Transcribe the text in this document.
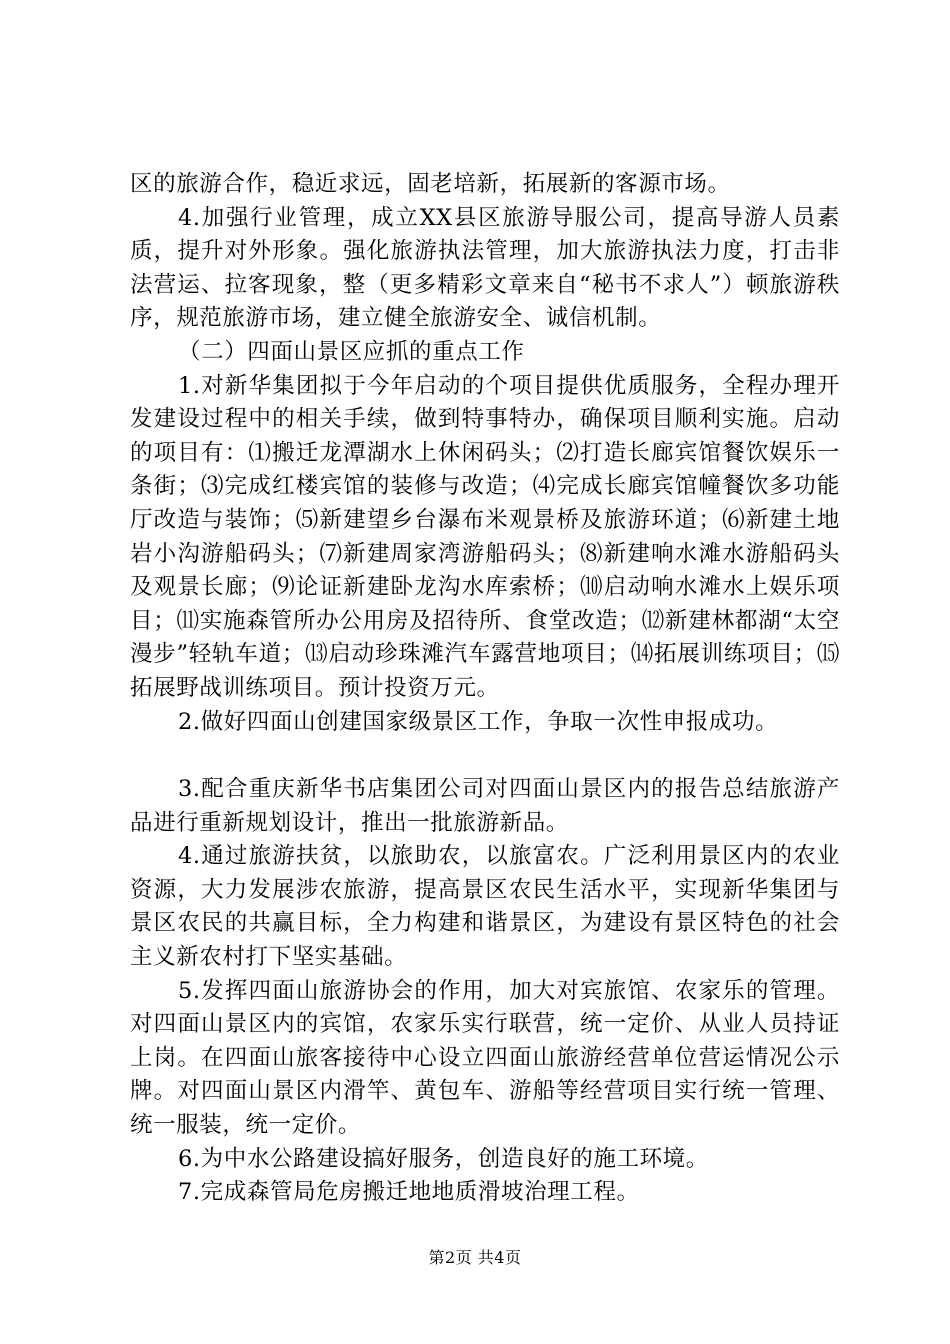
区的旅游合作，稳近求远，固老培新，拓展新的客源市场。

4.加强行业管理，成立XX县区旅游导服公司，提高导游人员素质，提升对外形象。强化旅游执法管理，加大旅游执法力度，打击非法营运、拉客现象，整（更多精彩文章来自“秘书不求人”）顿旅游秩序，规范旅游市场，建立健全旅游安全、诚信机制。

（二）四面山景区应抓的重点工作

1.对新华集团拟于今年启动的个项目提供优质服务，全程办理开发建设过程中的相关手续，做到特事特办，确保项目顺利实施。启动的项目有：⑴搬迁龙潭湖水上休闲码头；⑵打造长廊宾馆餐饮娱乐一条街；⑶完成红楼宾馆的装修与改造；⑷完成长廊宾馆幢餐饮多功能厅改造与装饰；⑸新建望乡台瀑布米观景桥及旅游环道；⑹新建土地岩小沟游船码头；⑺新建周家湾游船码头；⑻新建响水滩水游船码头及观景长廊；⑼论证新建卧龙沟水库索桥；⑽启动响水滩水上娱乐项目；⑾实施森管所办公用房及招待所、食堂改造；⑿新建林都湖“太空漫步”轻轨车道；⒀启动珍珠滩汽车露营地项目；⒁拓展训练项目；⒂拓展野战训练项目。预计投资万元。

2.做好四面山创建国家级景区工作，争取一次性申报成功。

3.配合重庆新华书店集团公司对四面山景区内的报告总结旅游产品进行重新规划设计，推出一批旅游新品。

4.通过旅游扶贫，以旅助农，以旅富农。广泛利用景区内的农业资源，大力发展涉农旅游，提高景区农民生活水平，实现新华集团与景区农民的共赢目标，全力构建和谐景区，为建设有景区特色的社会主义新农村打下坚实基础。

5.发挥四面山旅游协会的作用，加大对宾旅馆、农家乐的管理。对四面山景区内的宾馆，农家乐实行联营，统一定价、从业人员持证上岗。在四面山旅客接待中心设立四面山旅游经营单位营运情况公示牌。对四面山景区内滑竿、黄包车、游船等经营项目实行统一管理、统一服装，统一定价。

6.为中水公路建设搞好服务，创造良好的施工环境。

7.完成森管局危房搬迁地地质滑坡治理工程。

第2页 共4页
